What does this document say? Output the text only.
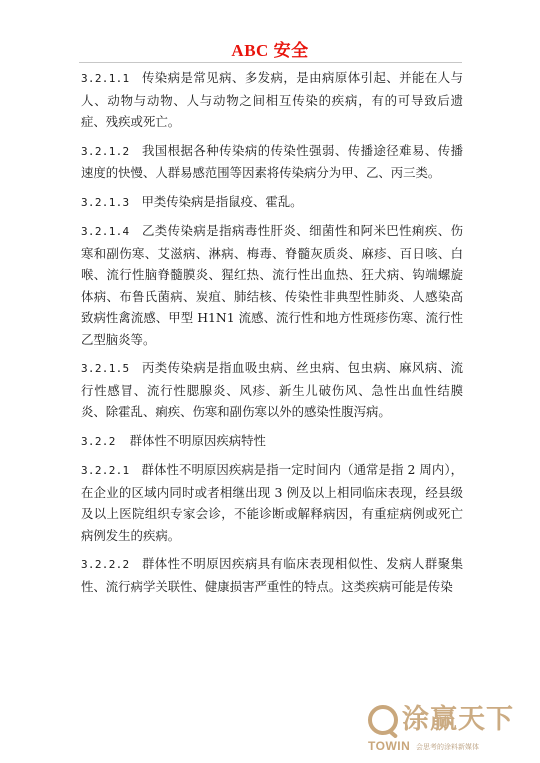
ABC 安全

3.2.1.1 传染病是常见病、多发病，是由病原体引起、并能在人与人、动物与动物、人与动物之间相互传染的疾病，有的可导致后遗症、残疾或死亡。

3.2.1.2 我国根据各种传染病的传染性强弱、传播途径难易、传播速度的快慢、人群易感范围等因素将传染病分为甲、乙、丙三类。

3.2.1.3 甲类传染病是指鼠疫、霍乱。

3.2.1.4 乙类传染病是指病毒性肝炎、细菌性和阿米巴性痢疾、伤寒和副伤寒、艾滋病、淋病、梅毒、脊髓灰质炎、麻疹、百日咳、白喉、流行性脑脊髓膜炎、猩红热、流行性出血热、狂犬病、钩端螺旋体病、布鲁氏菌病、炭疽、肺结核、传染性非典型性肺炎、人感染高致病性禽流感、甲型 H1N1 流感、流行性和地方性斑疹伤寒、流行性乙型脑炎等。

3.2.1.5 丙类传染病是指血吸虫病、丝虫病、包虫病、麻风病、流行性感冒、流行性腮腺炎、风疹、新生儿破伤风、急性出血性结膜炎、除霍乱、痢疾、伤寒和副伤寒以外的感染性腹泻病。

3.2.2 群体性不明原因疾病特性

3.2.2.1 群体性不明原因疾病是指一定时间内（通常是指 2 周内），在企业的区域内同时或者相继出现 3 例及以上相同临床表现，经县级及以上医院组织专家会诊，不能诊断或解释病因，有重症病例或死亡病例发生的疾病。

3.2.2.2 群体性不明原因疾病具有临床表现相似性、发病人群聚集性、流行病学关联性、健康损害严重性的特点。这类疾病可能是传染

涂赢天下
TOWIN 会思考的涂料新媒体
